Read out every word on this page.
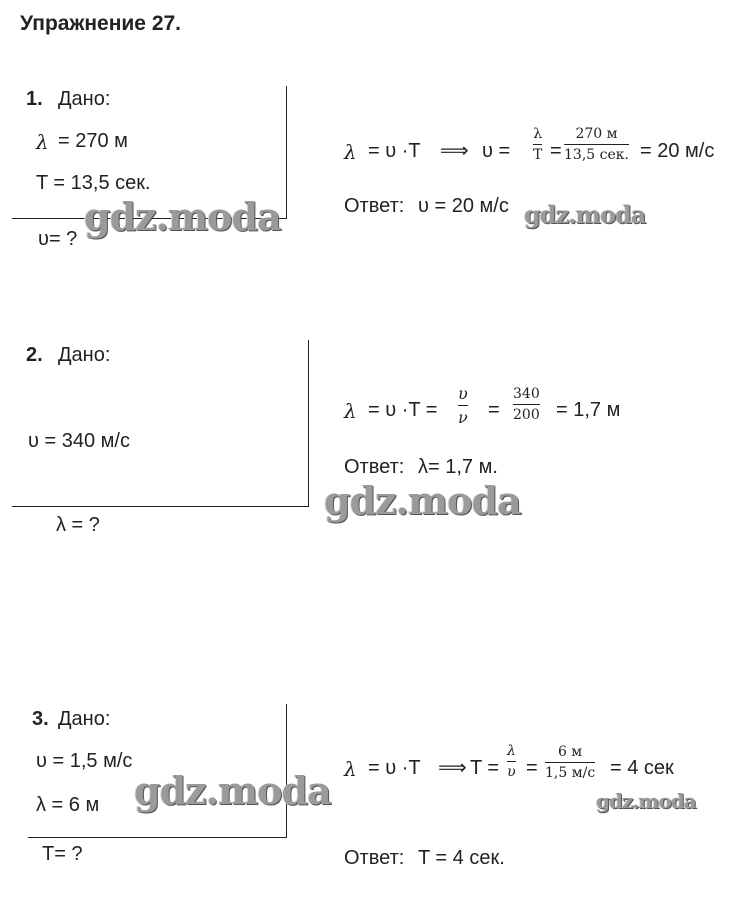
Упражнение 27.
1. Дано:
λ = 270 м
T = 13,5 сек.
υ= ?
λ = υ ·T ⟹ υ =
λ
T =
270 м
13,5 сек. = 20 м/с
Ответ: υ = 20 м/с
2. Дано:
υ = 340 м/с
λ = ?
λ = υ ·T =
υ
ν =
340
200 = 1,7 м
Ответ: λ= 1,7 м.
3. Дано:
υ = 1,5 м/с
λ = 6 м
T= ?
λ = υ ·T ⟹ T =
λ
υ =
6 м
1,5 м/с = 4 сек
Ответ: T = 4 сек.
gdz.moda	gdz.moda
gdz.moda
gdz.moda	gdz.moda
